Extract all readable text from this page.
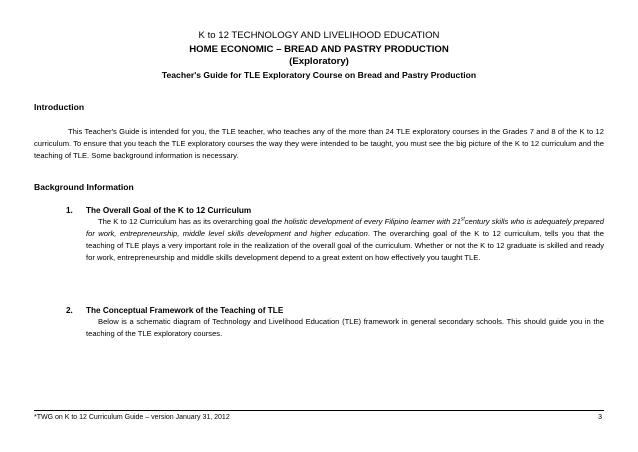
K to 12 TECHNOLOGY AND LIVELIHOOD EDUCATION
HOME ECONOMIC – BREAD AND PASTRY PRODUCTION
(Exploratory)
Teacher's Guide for TLE Exploratory Course on Bread and Pastry Production
Introduction

This Teacher's Guide is intended for you, the TLE teacher, who teaches any of the more than 24 TLE exploratory courses in the Grades 7 and 8 of the K to 12 curriculum. To ensure that you teach the TLE exploratory courses the way they were intended to be taught, you must see the big picture of the K to 12 curriculum and the teaching of TLE. Some background information is necessary.

Background Information
1. The Overall Goal of the K to 12 Curriculum

The K to 12 Curriculum has as its overarching goal the holistic development of every Filipino learner with 21stcentury skills who is adequately prepared for work, entrepreneurship, middle level skills development and higher education. The overarching goal of the K to 12 curriculum, tells you that the teaching of TLE plays a very important role in the realization of the overall goal of the curriculum. Whether or not the K to 12 graduate is skilled and ready for work, entrepreneurship and middle skills development depend to a great extent on how effectively you taught TLE.

2. The Conceptual Framework of the Teaching of TLE

Below is a schematic diagram of Technology and Livelihood Education (TLE) framework in general secondary schools. This should guide you in the teaching of the TLE exploratory courses.

*TWG on K to 12 Curriculum Guide – version January 31, 2012	3
